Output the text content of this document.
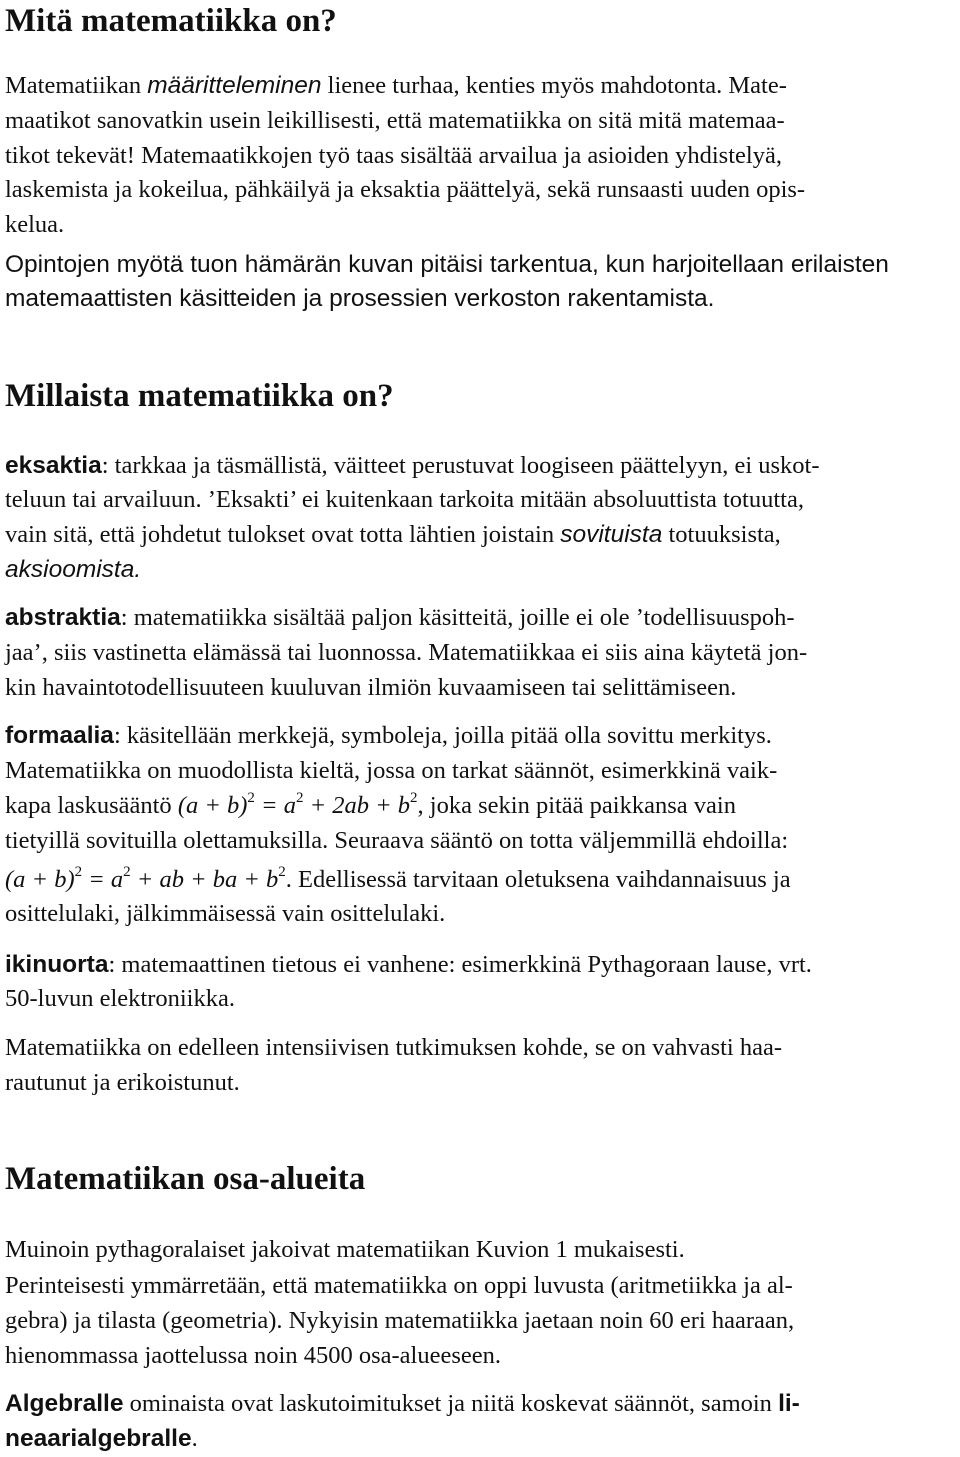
Mitä matematiikka on?
Matematiikan määritteleminen lienee turhaa, kenties myös mahdotonta. Mate-
maatikot sanovatkin usein leikillisesti, että matematiikka on sitä mitä matemaa-
tikot tekevät! Matemaatikkojen työ taas sisältää arvailua ja asioiden yhdistelyä,
laskemista ja kokeilua, pähkäilyä ja eksaktia päättelyä, sekä runsaasti uuden opis-
kelua.
Opintojen myötä tuon hämärän kuvan pitäisi tarkentua, kun harjoitellaan erilaisten
matemaattisten käsitteiden ja prosessien verkoston rakentamista.
Millaista matematiikka on?
eksaktia: tarkkaa ja täsmällistä, väitteet perustuvat loogiseen päättelyyn, ei uskot-
teluun tai arvailuun. ’Eksakti’ ei kuitenkaan tarkoita mitään absoluuttista totuutta,
vain sitä, että johdetut tulokset ovat totta lähtien joistain sovituista totuuksista,
aksioomista.
abstraktia: matematiikka sisältää paljon käsitteitä, joille ei ole ’todellisuuspoh-
jaa’, siis vastinetta elämässä tai luonnossa. Matematiikkaa ei siis aina käytetä jon-
kin havaintotodellisuuteen kuuluvan ilmiön kuvaamiseen tai selittämiseen.
formaalia: käsitellään merkkejä, symboleja, joilla pitää olla sovittu merkitys.
Matematiikka on muodollista kieltä, jossa on tarkat säännöt, esimerkkinä vaik-
kapa laskusääntö $(a + b)^2 = a^2 + 2ab + b^2$, joka sekin pitää paikkansa vain
tietyillä sovituilla olettamuksilla. Seuraava sääntö on totta väljemmillä ehdoilla:
$(a + b)^2 = a^2$ + ab + ba + $b^2$. Edellisessä tarvitaan oletuksena vaihdannaisuus ja
osittelulaki, jälkimmäisessä vain osittelulaki.
ikinuorta: matemaattinen tietous ei vanhene: esimerkkinä Pythagoraan lause, vrt.
50-luvun elektroniikka.
Matematiikka on edelleen intensiivisen tutkimuksen kohde, se on vahvasti haa-
rautunut ja erikoistunut.
Matematiikan osa-alueita
Muinoin pythagoralaiset jakoivat matematiikan Kuvion 1 mukaisesti.
Perinteisesti ymmärretään, että matematiikka on oppi luvusta (aritmetiikka ja al-
gebra) ja tilasta (geometria). Nykyisin matematiikka jaetaan noin 60 eri haaraan,
hienommassa jaottelussa noin 4500 osa-alueeseen.
Algebralle ominaista ovat laskutoimitukset ja niitä koskevat säännöt, samoin li-
neaarialgebralle.
